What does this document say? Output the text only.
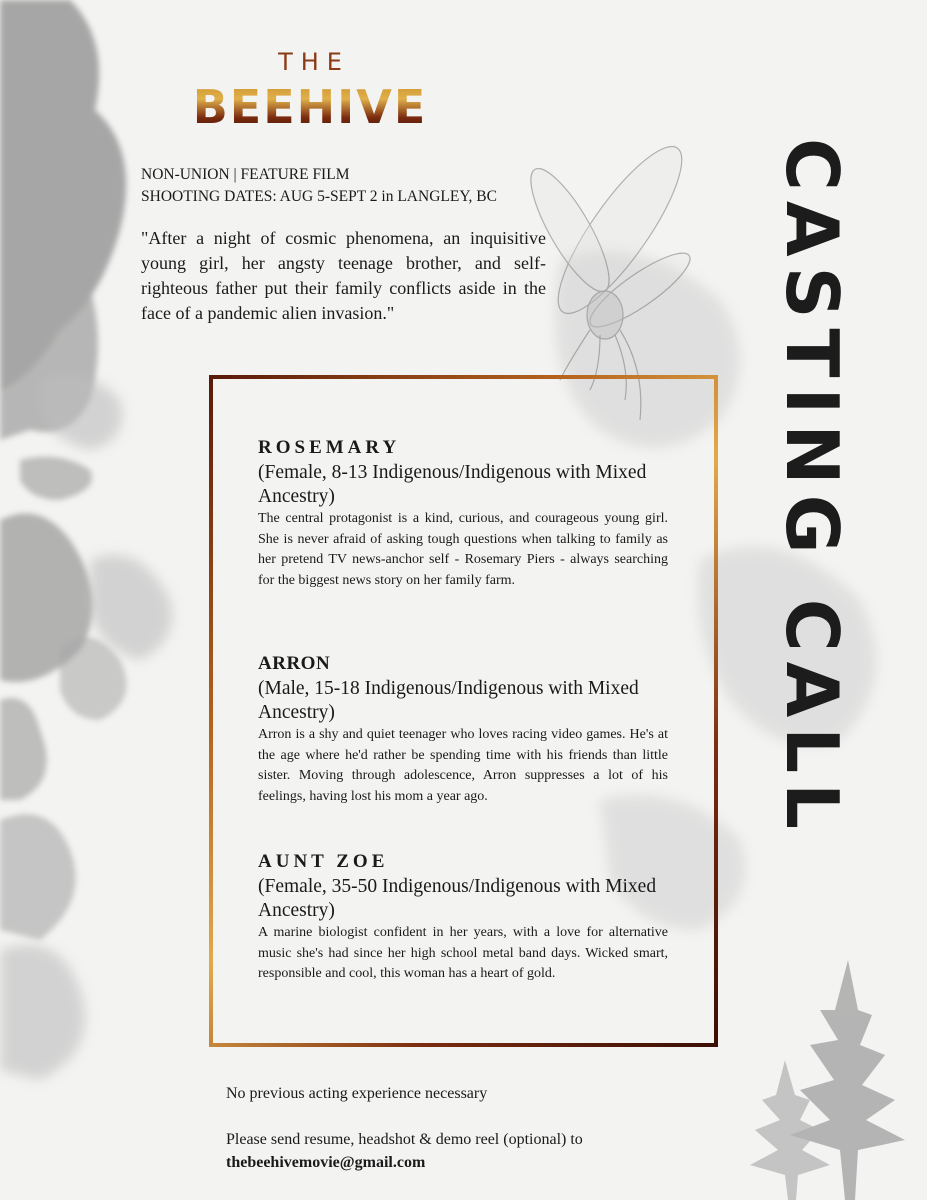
THE
BEEHIVE
NON-UNION | FEATURE FILM
SHOOTING DATES: AUG 5-SEPT 2 in LANGLEY, BC

"After a night of cosmic phenomena, an inquisitive young girl, her angsty teenage brother, and self-righteous father put their family conflicts aside in the face of a pandemic alien invasion."	CASTING CALL
ROSEMARY
(Female, 8-13 Indigenous/Indigenous with Mixed Ancestry)
The central protagonist is a kind, curious, and courageous young girl. She is never afraid of asking tough questions when talking to family as her pretend TV news-anchor self - Rosemary Piers - always searching for the biggest news story on her family farm.
ARRON
(Male, 15-18 Indigenous/Indigenous with Mixed Ancestry)
Arron is a shy and quiet teenager who loves racing video games. He's at the age where he'd rather be spending time with his friends than little sister. Moving through adolescence, Arron suppresses a lot of his feelings, having lost his mom a year ago.
AUNT ZOE
(Female, 35-50 Indigenous/Indigenous with Mixed Ancestry)
A marine biologist confident in her years, with a love for alternative music she's had since her high school metal band days. Wicked smart, responsible and cool, this woman has a heart of gold.
No previous acting experience necessary
Please send resume, headshot & demo reel (optional) to
thebeehivemovie@gmail.com
